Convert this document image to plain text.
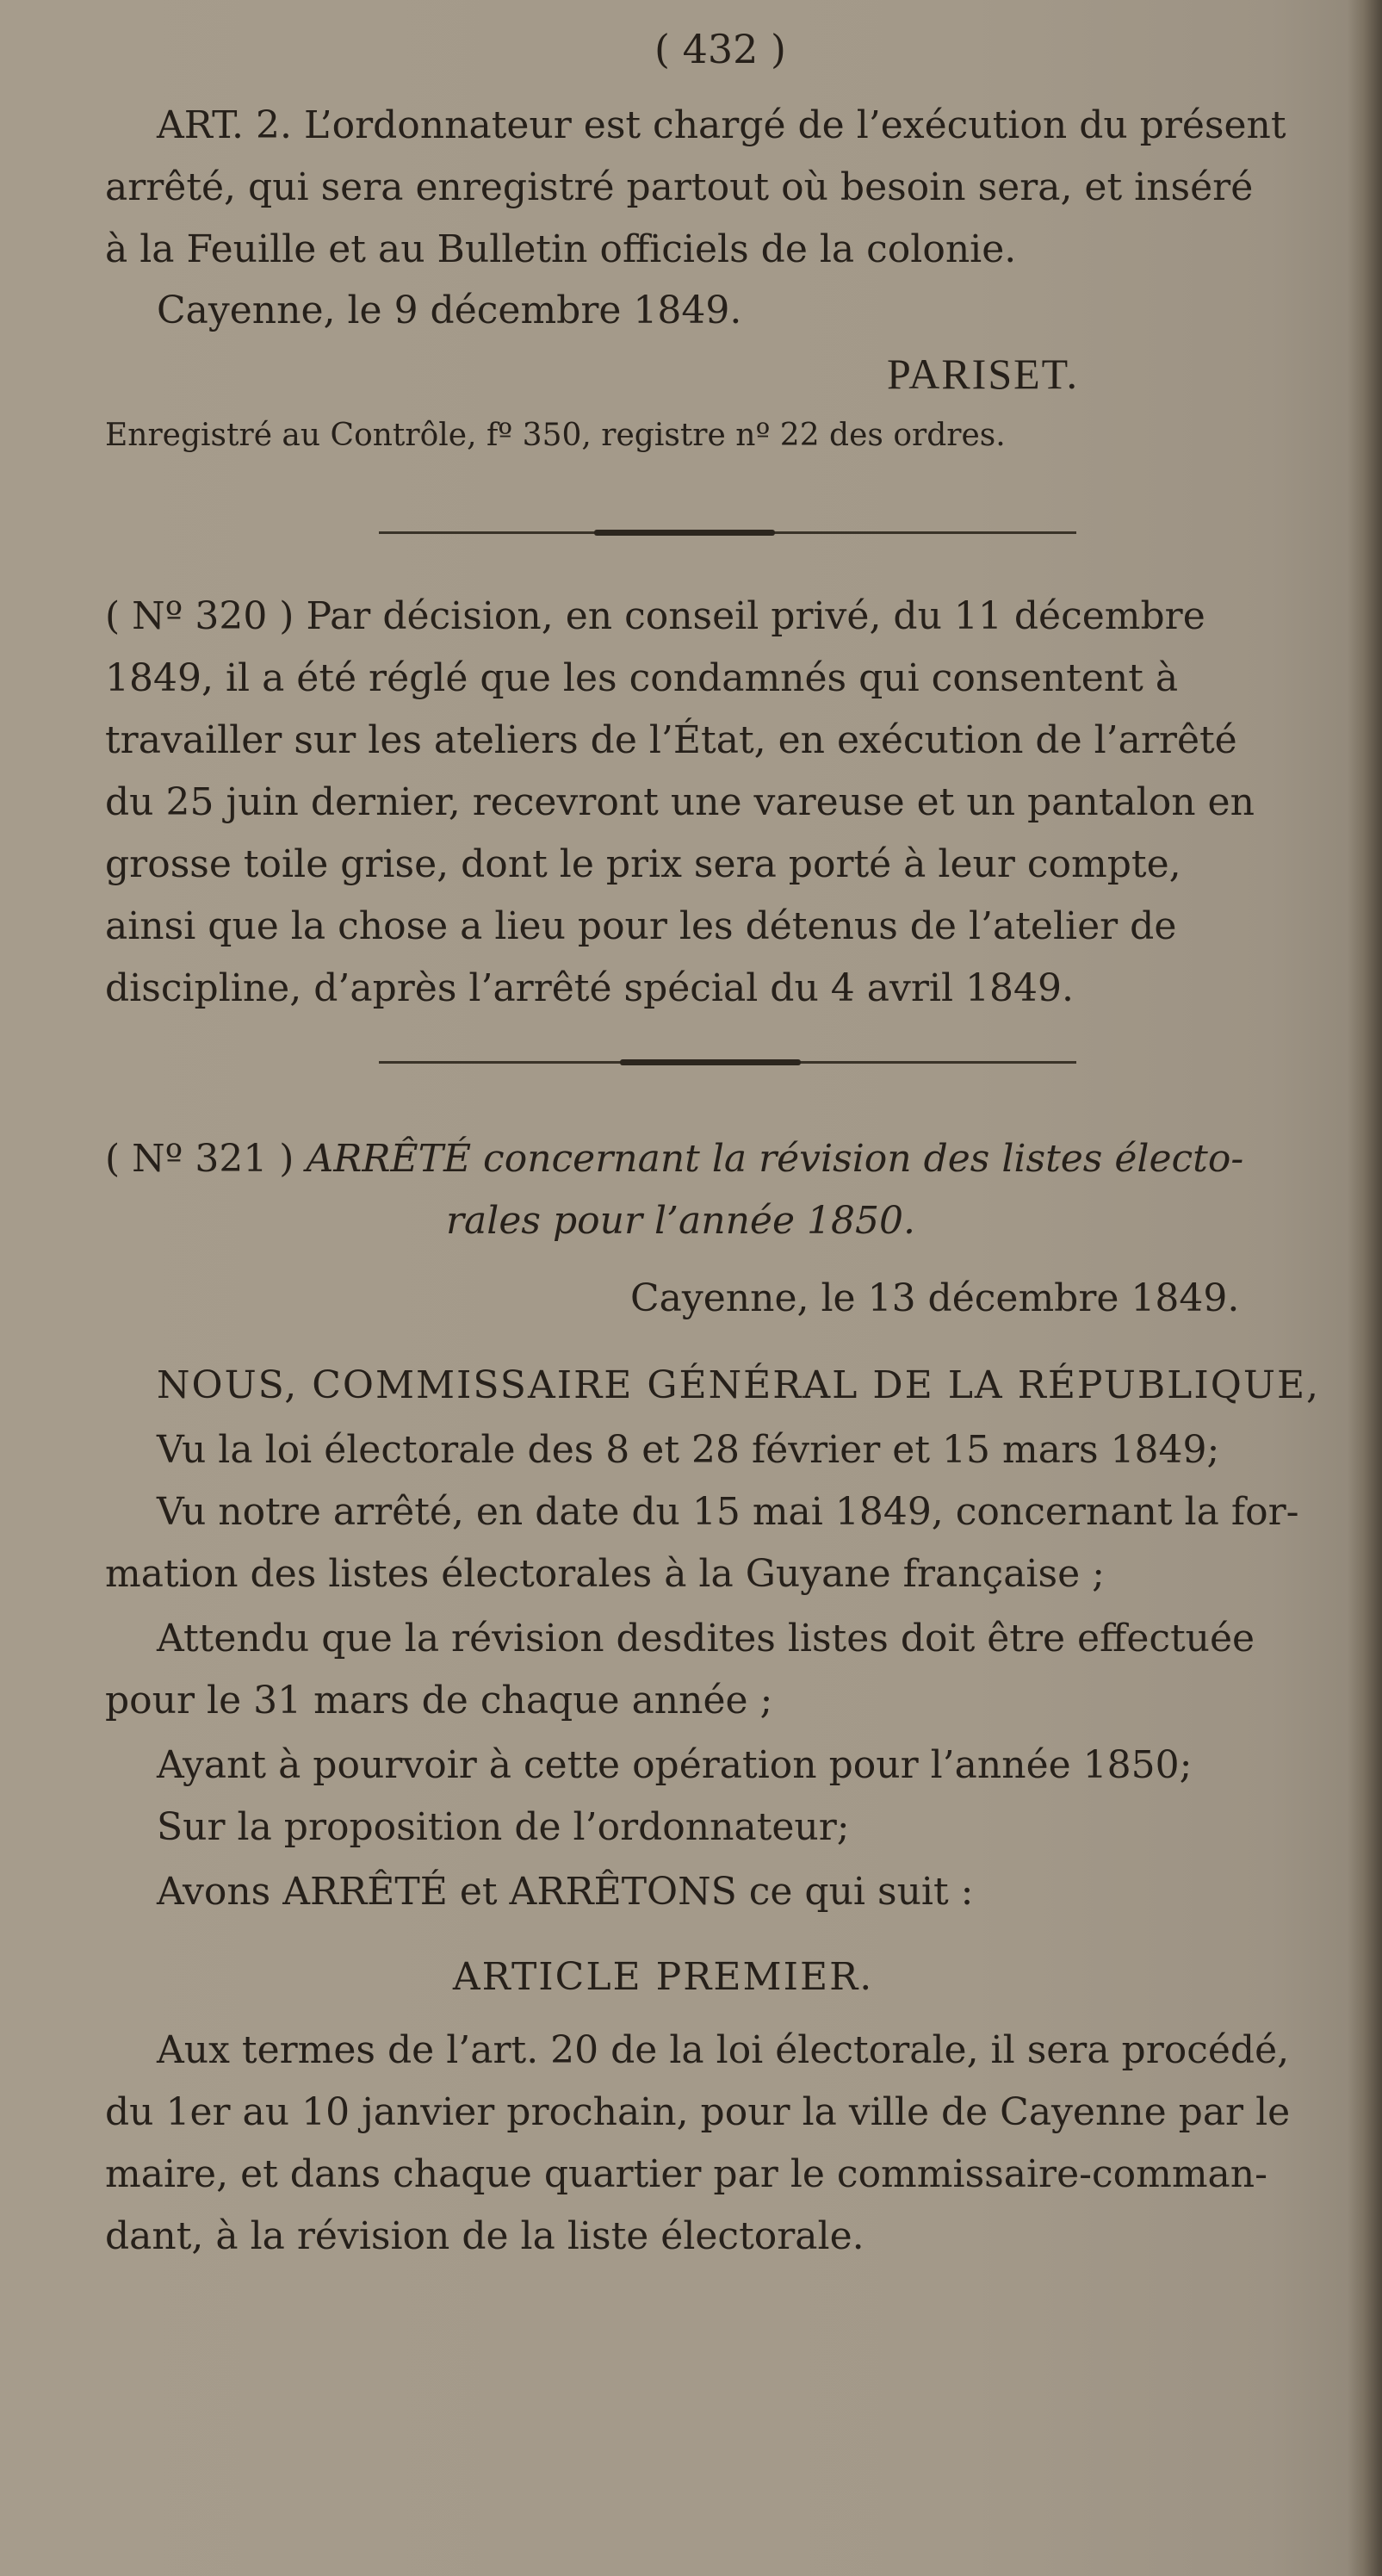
( 432 )
ART. 2. L’ordonnateur est chargé de l’exécution du présent
arrêté, qui sera enregistré partout où besoin sera, et inséré
à la Feuille et au Bulletin officiels de la colonie.
Cayenne, le 9 décembre 1849.
PARISET.
Enregistré au Contrôle, fº 350, registre nº 22 des ordres.
( Nº 320 ) Par décision, en conseil privé, du 11 décembre
1849, il a été réglé que les condamnés qui consentent à
travailler sur les ateliers de l’État, en exécution de l’arrêté
du 25 juin dernier, recevront une vareuse et un pantalon en
grosse toile grise, dont le prix sera porté à leur compte,
ainsi que la chose a lieu pour les détenus de l’atelier de
discipline, d’après l’arrêté spécial du 4 avril 1849.
( Nº 321 ) ARRÊTÉ concernant la révision des listes électo-
rales pour l’année 1850.
Cayenne, le 13 décembre 1849.
NOUS, COMMISSAIRE GÉNÉRAL DE LA RÉPUBLIQUE,
Vu la loi électorale des 8 et 28 février et 15 mars 1849;
Vu notre arrêté, en date du 15 mai 1849, concernant la for-
mation des listes électorales à la Guyane française ;
Attendu que la révision desdites listes doit être effectuée
pour le 31 mars de chaque année ;
Ayant à pourvoir à cette opération pour l’année 1850;
Sur la proposition de l’ordonnateur;
Avons ARRÊTÉ et ARRÊTONS ce qui suit :
ARTICLE PREMIER.
Aux termes de l’art. 20 de la loi électorale, il sera procédé,
du 1er au 10 janvier prochain, pour la ville de Cayenne par le
maire, et dans chaque quartier par le commissaire-comman-
dant, à la révision de la liste électorale.
